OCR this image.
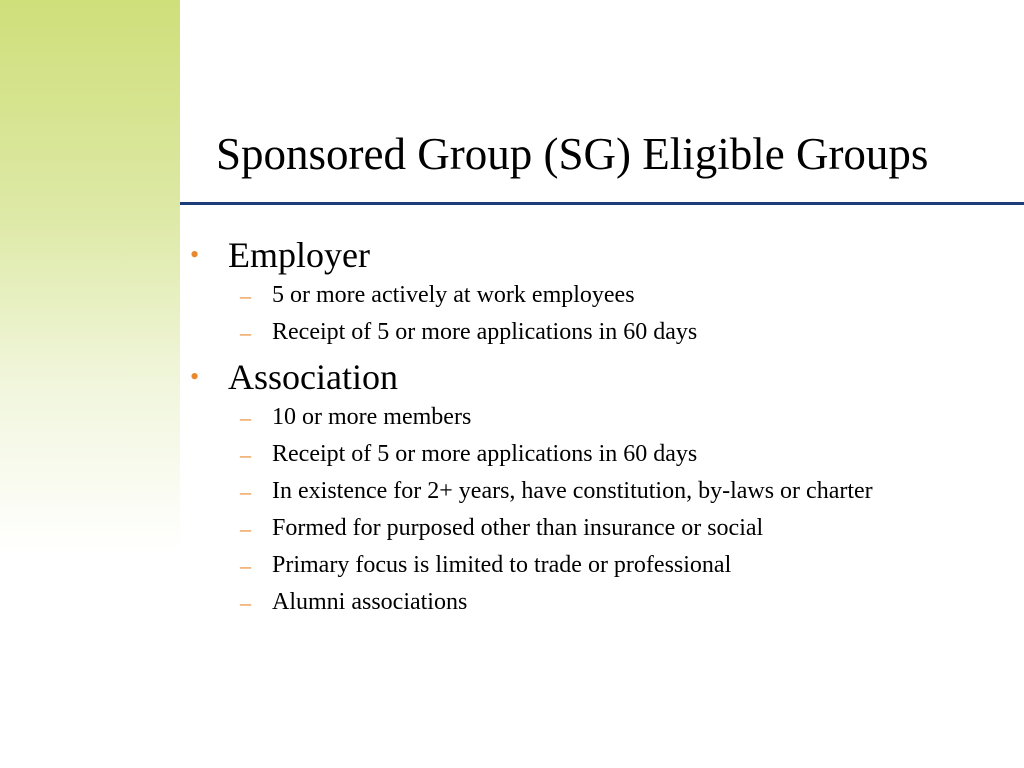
Sponsored Group (SG) Eligible Groups
• Employer
– 5 or more actively at work employees
– Receipt of 5 or more applications in 60 days
• Association
– 10 or more members
– Receipt of 5 or more applications in 60 days
– In existence for 2+ years, have constitution, by-laws or charter
– Formed for purposed other than insurance or social
– Primary focus is limited to trade or professional
– Alumni associations
